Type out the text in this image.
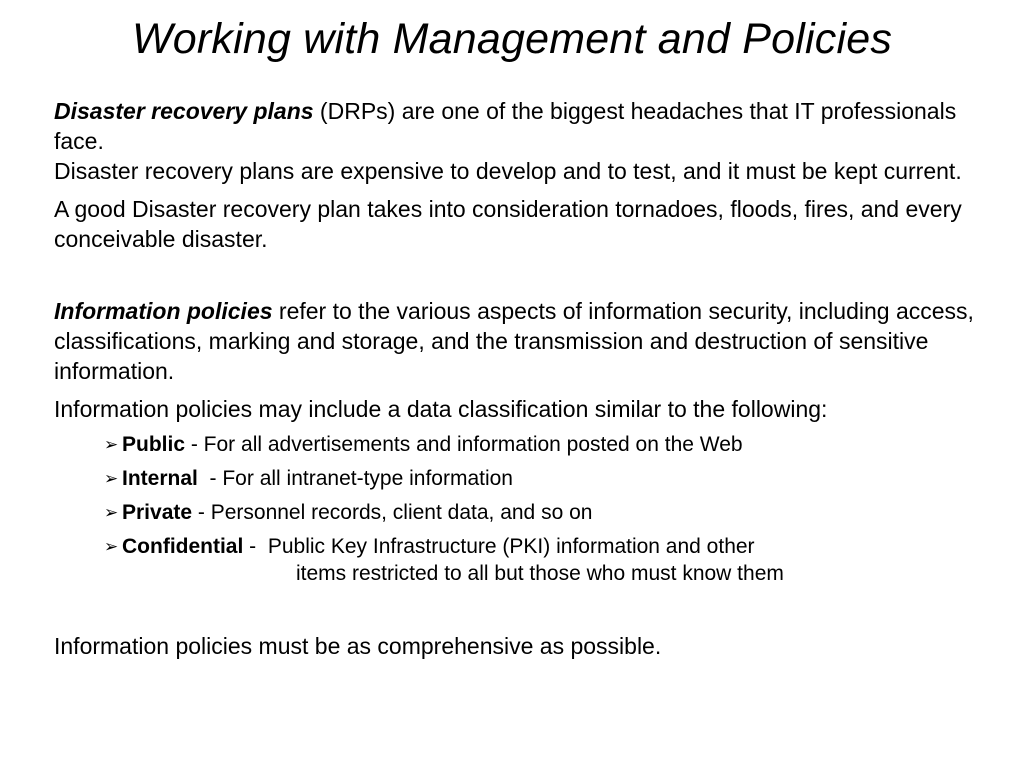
Working with Management and Policies

Disaster recovery plans (DRPs) are one of the biggest headaches that IT professionals face.
Disaster recovery plans are expensive to develop and to test, and it must be kept current.

A good Disaster recovery plan takes into consideration tornadoes, floods, fires, and every conceivable disaster.

Information policies refer to the various aspects of information security, including access, classifications, marking and storage, and the transmission and destruction of sensitive information.

Information policies may include a data classification similar to the following:

➢ Public - For all advertisements and information posted on the Web
➢ Internal  - For all intranet-type information
➢ Private - Personnel records, client data, and so on
➢ Confidential -  Public Key Infrastructure (PKI) information and other
items restricted to all but those who must know them

Information policies must be as comprehensive as possible.
